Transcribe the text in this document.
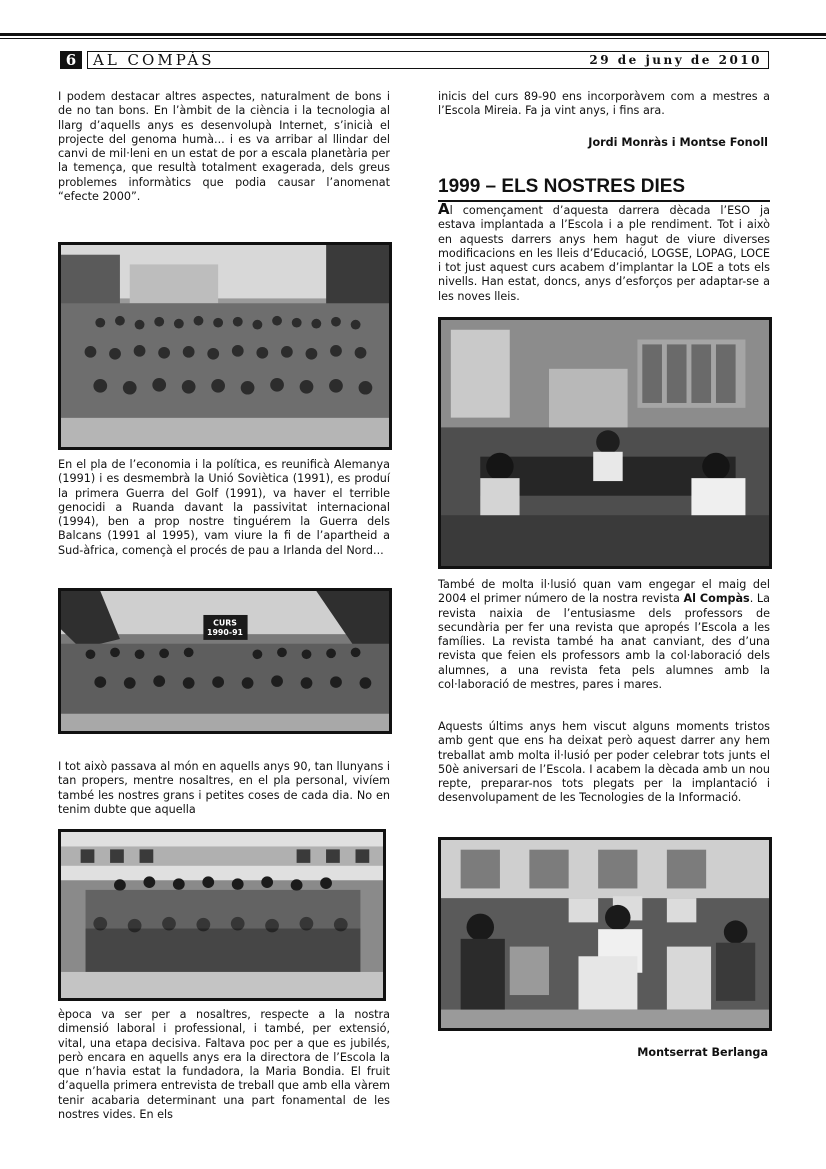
6	AL COMPÀS	29 de juny de 2010
I podem destacar altres aspectes, naturalment de bons i de no tan bons. En l’àmbit de la ciència i la tecnologia al llarg d’aquells anys es desenvolupà Internet, s’inicià el projecte del genoma humà... i es va arribar al llindar del canvi de mil·leni en un estat de por a escala planetària per la temença, que resultà totalment exagerada, dels greus problemes informàtics que podia causar l’anomenat “efecte 2000”.
En el pla de l’economia i la política, es reunificà Alemanya (1991) i es desmembrà la Unió Soviètica (1991), es produí la primera Guerra del Golf (1991), va haver el terrible genocidi a Ruanda davant la passivitat internacional (1994), ben a prop nostre tinguérem la Guerra dels Balcans (1991 al 1995), vam viure la fi de l’apartheid a Sud-àfrica, començà el procés de pau a Irlanda del Nord...
CURS
1990-91
I tot això passava al món en aquells anys 90, tan llunyans i tan propers, mentre nosaltres, en el pla personal, vivíem també les nostres grans i petites coses de cada dia. No en tenim dubte que aquella
època va ser per a nosaltres, respecte a la nostra dimensió laboral i professional, i també, per extensió, vital, una etapa decisiva. Faltava poc per a que es jubilés, però encara en aquells anys era la directora de l’Escola la que n’havia estat la fundadora, la Maria Bondia. El fruit d’aquella primera entrevista de treball que amb ella vàrem tenir acabaria determinant una part fonamental de les nostres vides. En els
inicis del curs 89-90 ens incorporàvem com a mestres a l’Escola Mireia. Fa ja vint anys, i fins ara.
Jordi Monràs i Montse Fonoll
1999 – ELS NOSTRES DIES
Al començament d’aquesta darrera dècada l’ESO ja estava implantada a l’Escola i a ple rendiment. Tot i això en aquests darrers anys hem hagut de viure diverses modificacions en les lleis d’Educació, LOGSE, LOPAG, LOCE i tot just aquest curs acabem d’implantar la LOE a tots els nivells. Han estat, doncs, anys d’esforços per adaptar-se a les noves lleis.
També de molta il·lusió quan vam engegar el maig del 2004 el primer número de la nostra revista Al Compàs. La revista naixia de l’entusiasme dels professors de secundària per fer una revista que apropés l’Escola a les famílies. La revista també ha anat canviant, des d’una revista que feien els professors amb la col·laboració dels alumnes, a una revista feta pels alumnes amb la col·laboració de mestres, pares i mares.
Aquests últims anys hem viscut alguns moments tristos amb gent que ens ha deixat però aquest darrer any hem treballat amb molta il·lusió per poder celebrar tots junts el 50è aniversari de l’Escola. I acabem la dècada amb un nou repte, preparar-nos tots plegats per la implantació i desenvolupament de les Tecnologies de la Informació.
Montserrat Berlanga
